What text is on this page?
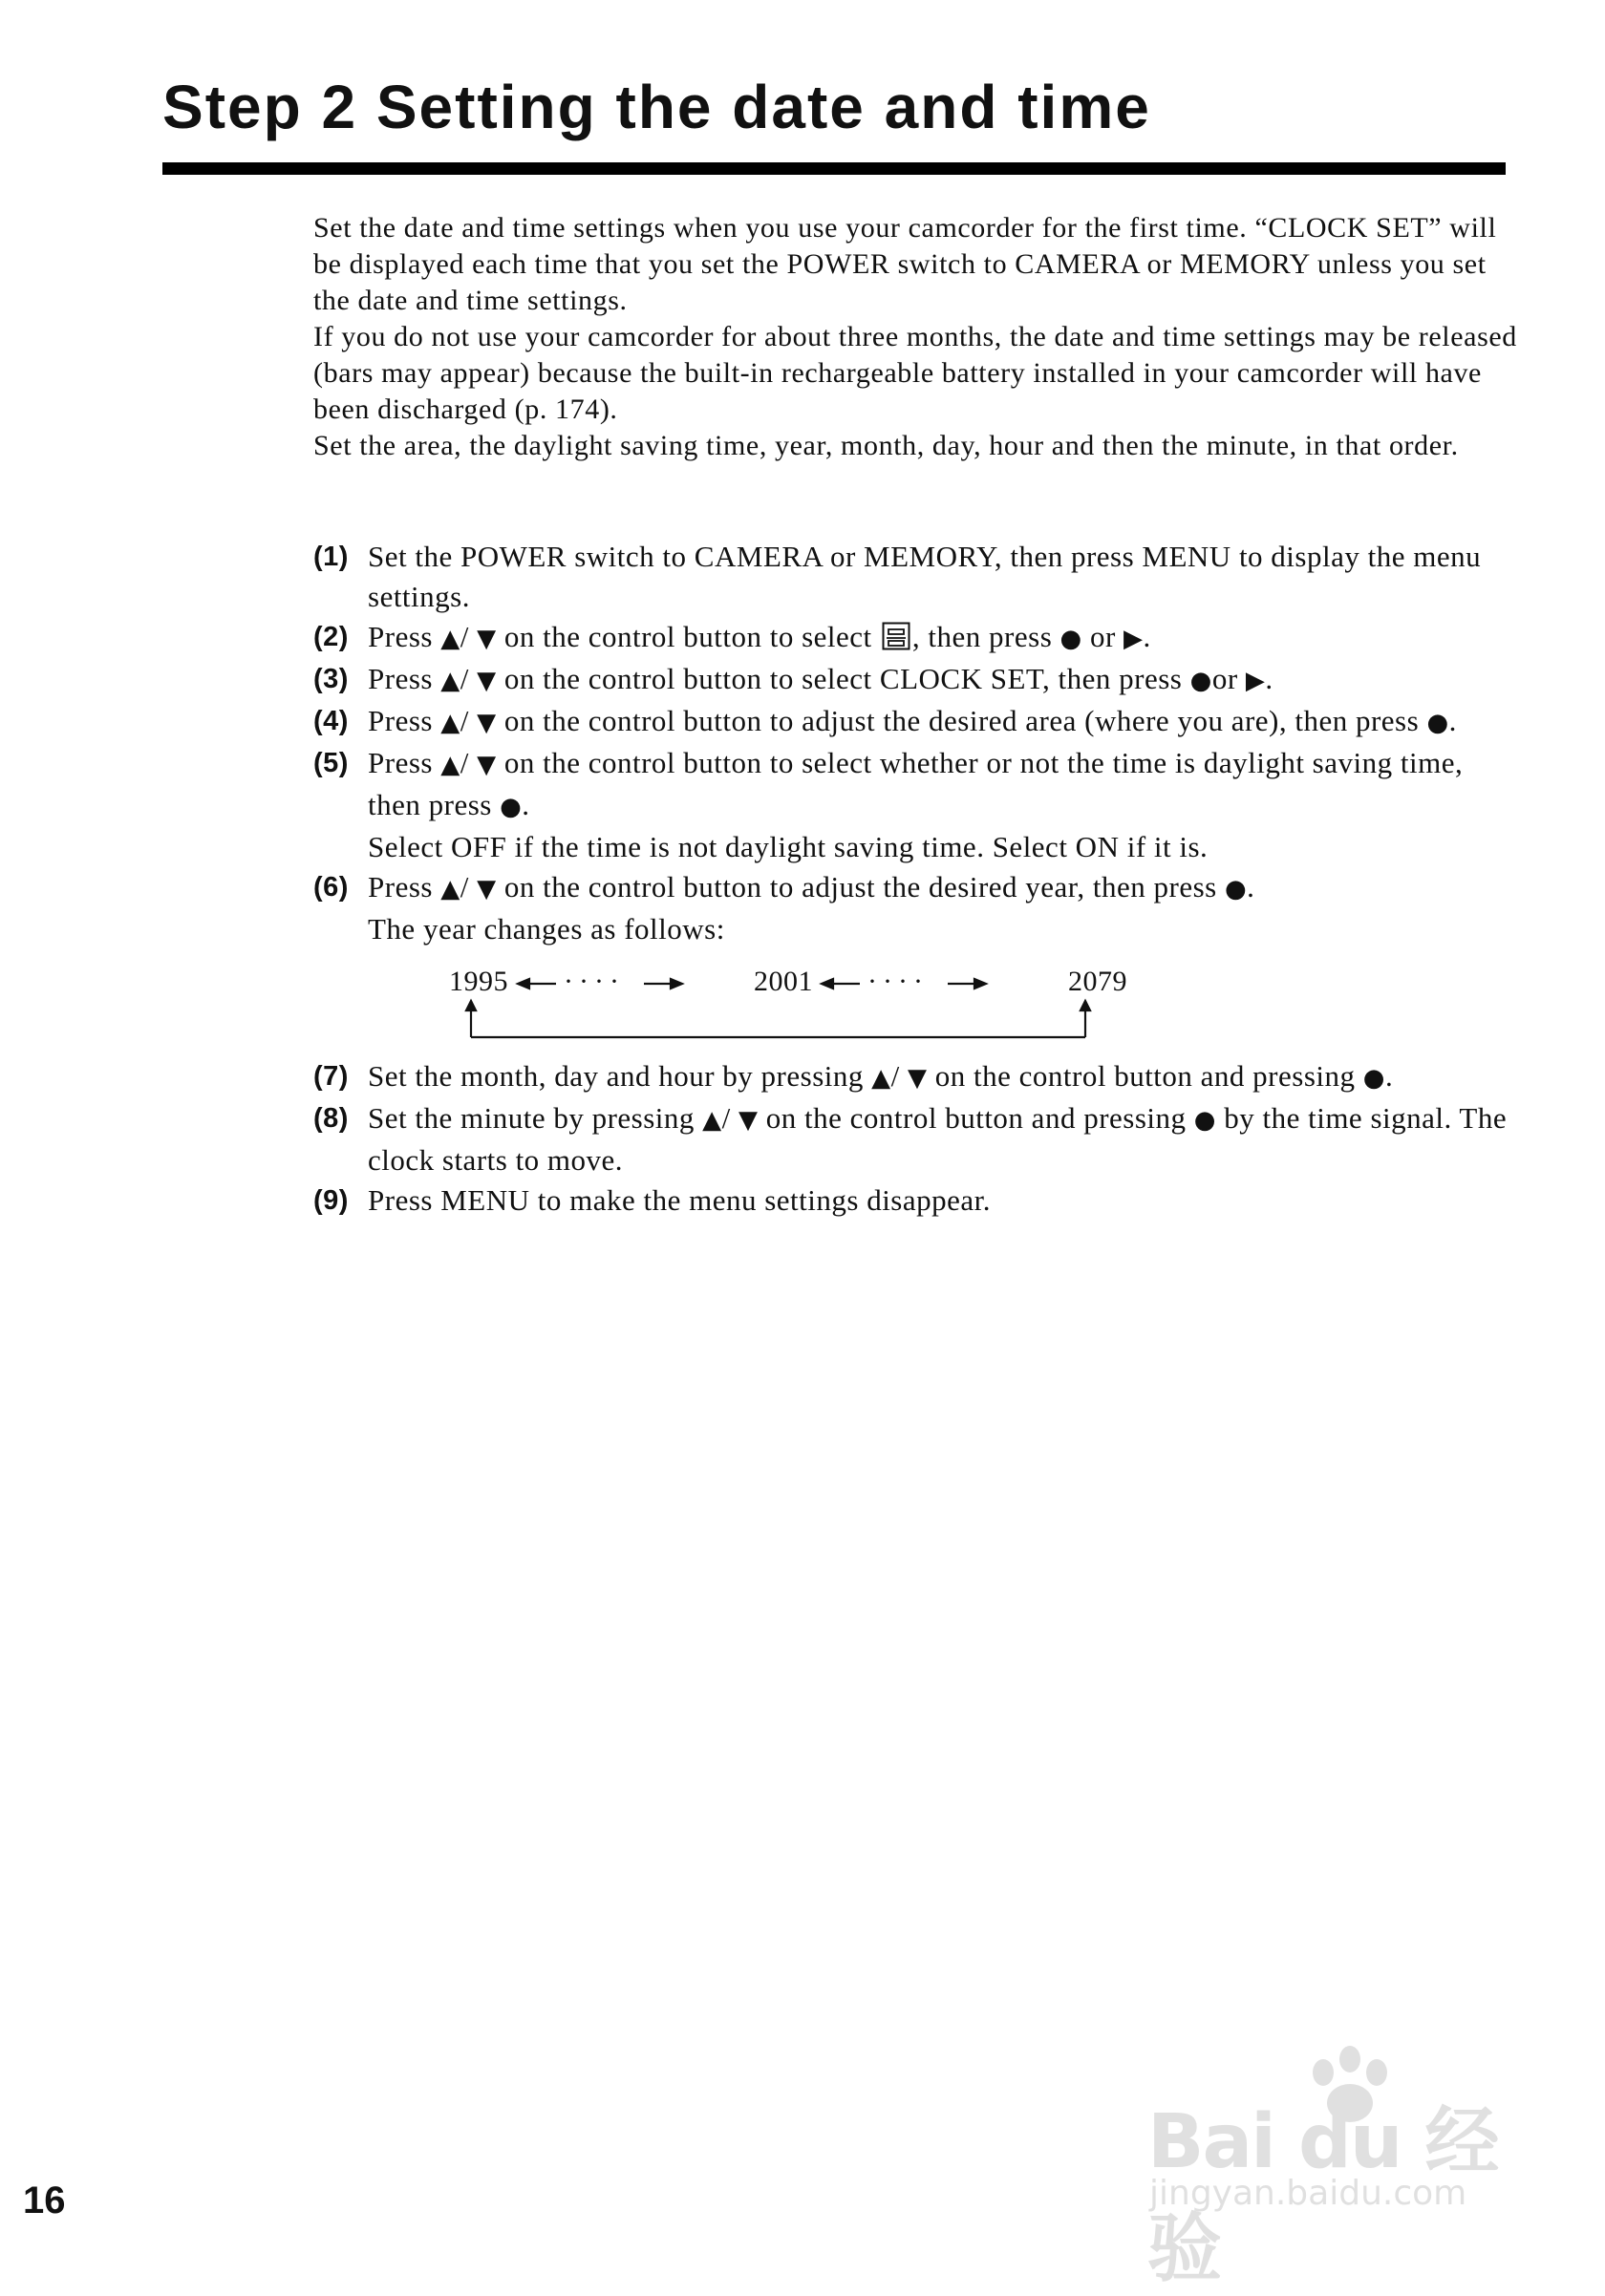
Step 2 Setting the date and time

Set the date and time settings when you use your camcorder for the first time. “CLOCK SET” will be displayed each time that you set the POWER switch to CAMERA or MEMORY unless you set the date and time settings.

If you do not use your camcorder for about three months, the date and time settings may be released (bars may appear) because the built-in rechargeable battery installed in your camcorder will have been discharged (p. 174).

Set the area, the daylight saving time, year, month, day, hour and then the minute, in that order.

(1) Set the POWER switch to CAMERA or MEMORY, then press MENU to display the menu settings.
(2) Press ▲/ ▼ on the control button to select , then press ● or ▶.
(3) Press ▲/ ▼ on the control button to select CLOCK SET, then press ●or ▶.
(4) Press ▲/ ▼ on the control button to adjust the desired area (where you are), then press ●.
(5) Press ▲/ ▼ on the control button to select whether or not the time is daylight saving time, then press ●.
Select OFF if the time is not daylight saving time. Select ON if it is.
(6) Press ▲/ ▼ on the control button to adjust the desired year, then press ●.
The year changes as follows:
1995 ····	2001 ····	2079
(7) Set the month, day and hour by pressing ▲/ ▼ on the control button and pressing ●.
(8) Set the minute by pressing ▲/ ▼ on the control button and pressing ● by the time signal. The clock starts to move.
(9) Press MENU to make the menu settings disappear.
Bai du 经验
jingyan.baidu.com
16
